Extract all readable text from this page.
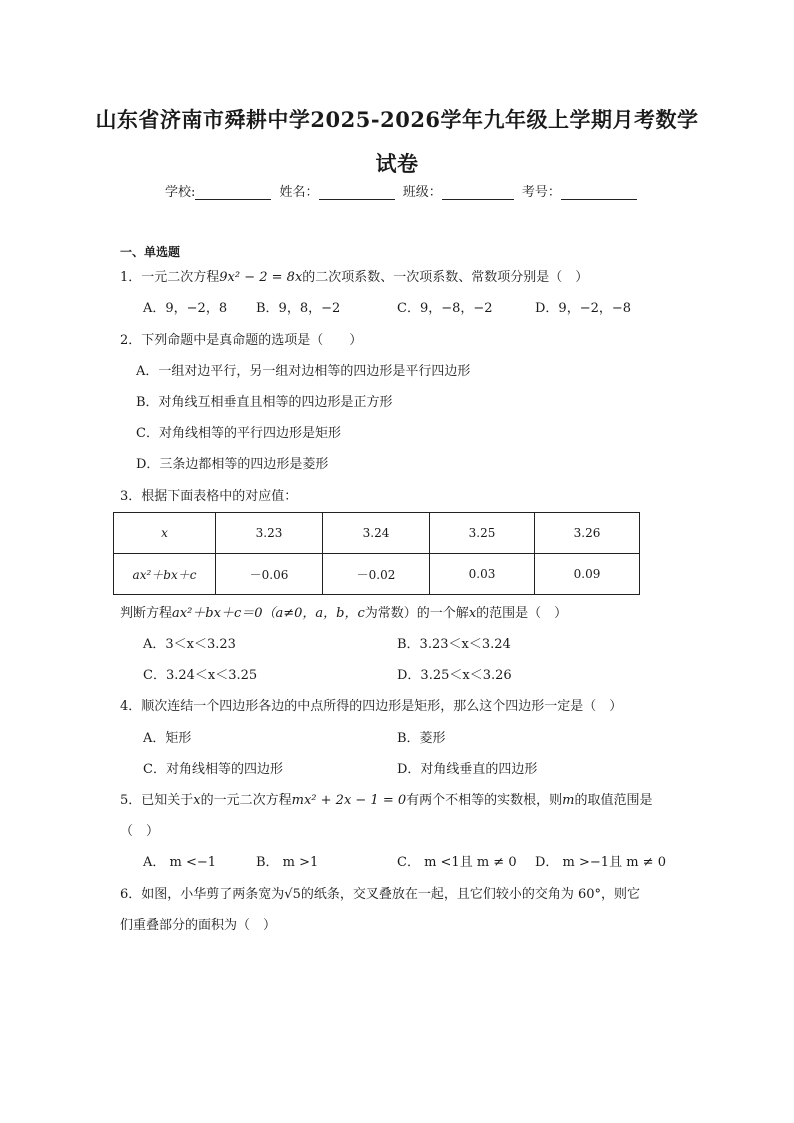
山东省济南市舜耕中学2025-2026学年九年级上学期月考数学
试卷
学校:	姓名：	班级：	考号：
一、单选题
1．一元二次方程9x² − 2 = 8x的二次项系数、一次项系数、常数项分别是（　）
A．9，−2，8 B．9，8，−2	C．9，−8，−2	D．9，−2，−8
2．下列命题中是真命题的选项是（　　）
A．一组对边平行，另一组对边相等的四边形是平行四边形
B．对角线互相垂直且相等的四边形是正方形
C．对角线相等的平行四边形是矩形
D．三条边都相等的四边形是菱形
3．根据下面表格中的对应值：
x	3.23	3.24	3.25	3.26
ax²＋bx＋c	－0.06	－0.02	0.03	0.09
判断方程ax²＋bx＋c＝0（a≠0，a，b，c为常数）的一个解x的范围是（　）
A．3＜x＜3.23	B．3.23＜x＜3.24
C．3.24＜x＜3.25	D．3.25＜x＜3.26
4．顺次连结一个四边形各边的中点所得的四边形是矩形，那么这个四边形一定是（　）
A．矩形	B．菱形
C．对角线相等的四边形	D．对角线垂直的四边形
5．已知关于x的一元二次方程mx² + 2x − 1 = 0有两个不相等的实数根，则m的取值范围是
（　）
A． m <−1	B． m >1	C． m <1且 m ≠ 0 D． m >−1且 m ≠ 0
6．如图，小华剪了两条宽为√5的纸条，交叉叠放在一起，且它们较小的交角为 60°，则它
们重叠部分的面积为（　）
